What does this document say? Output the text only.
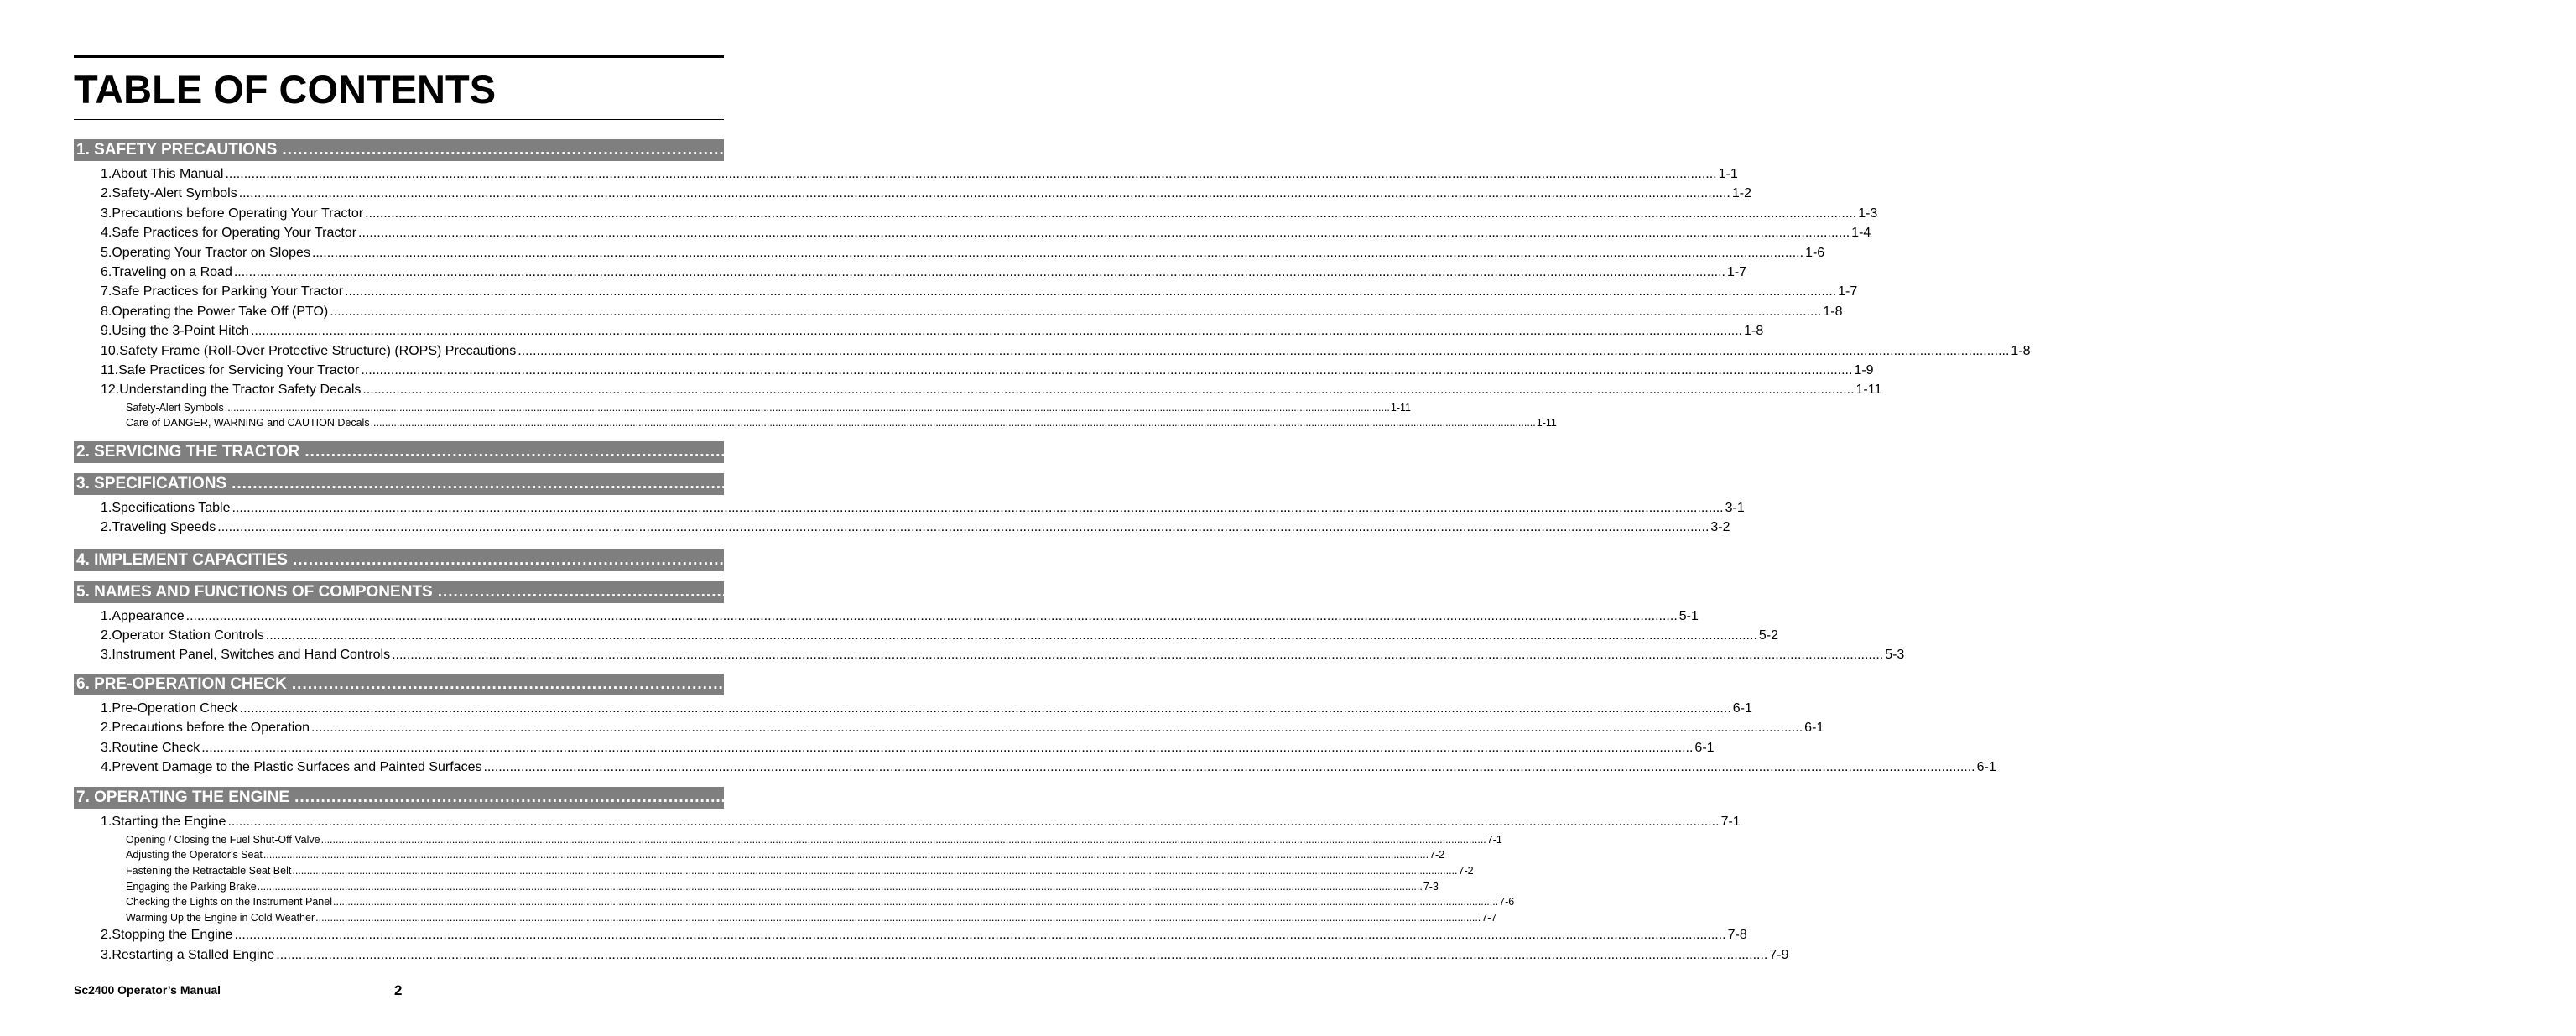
TABLE OF CONTENTS
1. SAFETY PRECAUTIONS ................................................................................................................................................................................................................................................................................................................................................................................................................ 1-1
1. About This Manual ................................................................................................................................................................................................................................................................................................................................................................................................................ 1-1
2. Safety-Alert Symbols ................................................................................................................................................................................................................................................................................................................................................................................................................ 1-2
3. Precautions before Operating Your Tractor ................................................................................................................................................................................................................................................................................................................................................................................................................ 1-3
4. Safe Practices for Operating Your Tractor ................................................................................................................................................................................................................................................................................................................................................................................................................ 1-4
5. Operating Your Tractor on Slopes ................................................................................................................................................................................................................................................................................................................................................................................................................ 1-6
6. Traveling on a Road ................................................................................................................................................................................................................................................................................................................................................................................................................ 1-7
7. Safe Practices for Parking Your Tractor ................................................................................................................................................................................................................................................................................................................................................................................................................ 1-7
8. Operating the Power Take Off (PTO) ................................................................................................................................................................................................................................................................................................................................................................................................................ 1-8
9. Using the 3-Point Hitch ................................................................................................................................................................................................................................................................................................................................................................................................................ 1-8
10. Safety Frame (Roll-Over Protective Structure) (ROPS) Precautions ................................................................................................................................................................................................................................................................................................................................................................................................................ 1-8
11. Safe Practices for Servicing Your Tractor ................................................................................................................................................................................................................................................................................................................................................................................................................ 1-9
12. Understanding the Tractor Safety Decals ................................................................................................................................................................................................................................................................................................................................................................................................................ 1-11
Safety-Alert Symbols ................................................................................................................................................................................................................................................................................................................................................................................................................ 1-11
Care of DANGER, WARNING and CAUTION Decals ................................................................................................................................................................................................................................................................................................................................................................................................................ 1-11
2. SERVICING THE TRACTOR ................................................................................................................................................................................................................................................................................................................................................................................................................ 2-1
3. SPECIFICATIONS ................................................................................................................................................................................................................................................................................................................................................................................................................ 3-1
1. Specifications Table ................................................................................................................................................................................................................................................................................................................................................................................................................ 3-1
2. Traveling Speeds ................................................................................................................................................................................................................................................................................................................................................................................................................ 3-2
4. IMPLEMENT CAPACITIES ................................................................................................................................................................................................................................................................................................................................................................................................................ 4-1
5. NAMES AND FUNCTIONS OF COMPONENTS ................................................................................................................................................................................................................................................................................................................................................................................................................ 5-1
1. Appearance ................................................................................................................................................................................................................................................................................................................................................................................................................ 5-1
2. Operator Station Controls ................................................................................................................................................................................................................................................................................................................................................................................................................ 5-2
3. Instrument Panel, Switches and Hand Controls ................................................................................................................................................................................................................................................................................................................................................................................................................ 5-3
6. PRE-OPERATION CHECK ................................................................................................................................................................................................................................................................................................................................................................................................................ 6-1
1. Pre-Operation Check ................................................................................................................................................................................................................................................................................................................................................................................................................ 6-1
2. Precautions before the Operation ................................................................................................................................................................................................................................................................................................................................................................................................................ 6-1
3. Routine Check ................................................................................................................................................................................................................................................................................................................................................................................................................ 6-1
4. Prevent Damage to the Plastic Surfaces and Painted Surfaces ................................................................................................................................................................................................................................................................................................................................................................................................................ 6-1
7. OPERATING THE ENGINE ................................................................................................................................................................................................................................................................................................................................................................................................................ 7-1
1. Starting the Engine ................................................................................................................................................................................................................................................................................................................................................................................................................ 7-1
Opening / Closing the Fuel Shut-Off Valve ................................................................................................................................................................................................................................................................................................................................................................................................................ 7-1
Adjusting the Operator's Seat ................................................................................................................................................................................................................................................................................................................................................................................................................ 7-2
Fastening the Retractable Seat Belt ................................................................................................................................................................................................................................................................................................................................................................................................................ 7-2
Engaging the Parking Brake ................................................................................................................................................................................................................................................................................................................................................................................................................ 7-3
Checking the Lights on the Instrument Panel ................................................................................................................................................................................................................................................................................................................................................................................................................ 7-6
Warming Up the Engine in Cold Weather ................................................................................................................................................................................................................................................................................................................................................................................................................ 7-7
2. Stopping the Engine ................................................................................................................................................................................................................................................................................................................................................................................................................ 7-8
3. Restarting a Stalled Engine ................................................................................................................................................................................................................................................................................................................................................................................................................ 7-9
Sc2400 Operator’s Manual	2
